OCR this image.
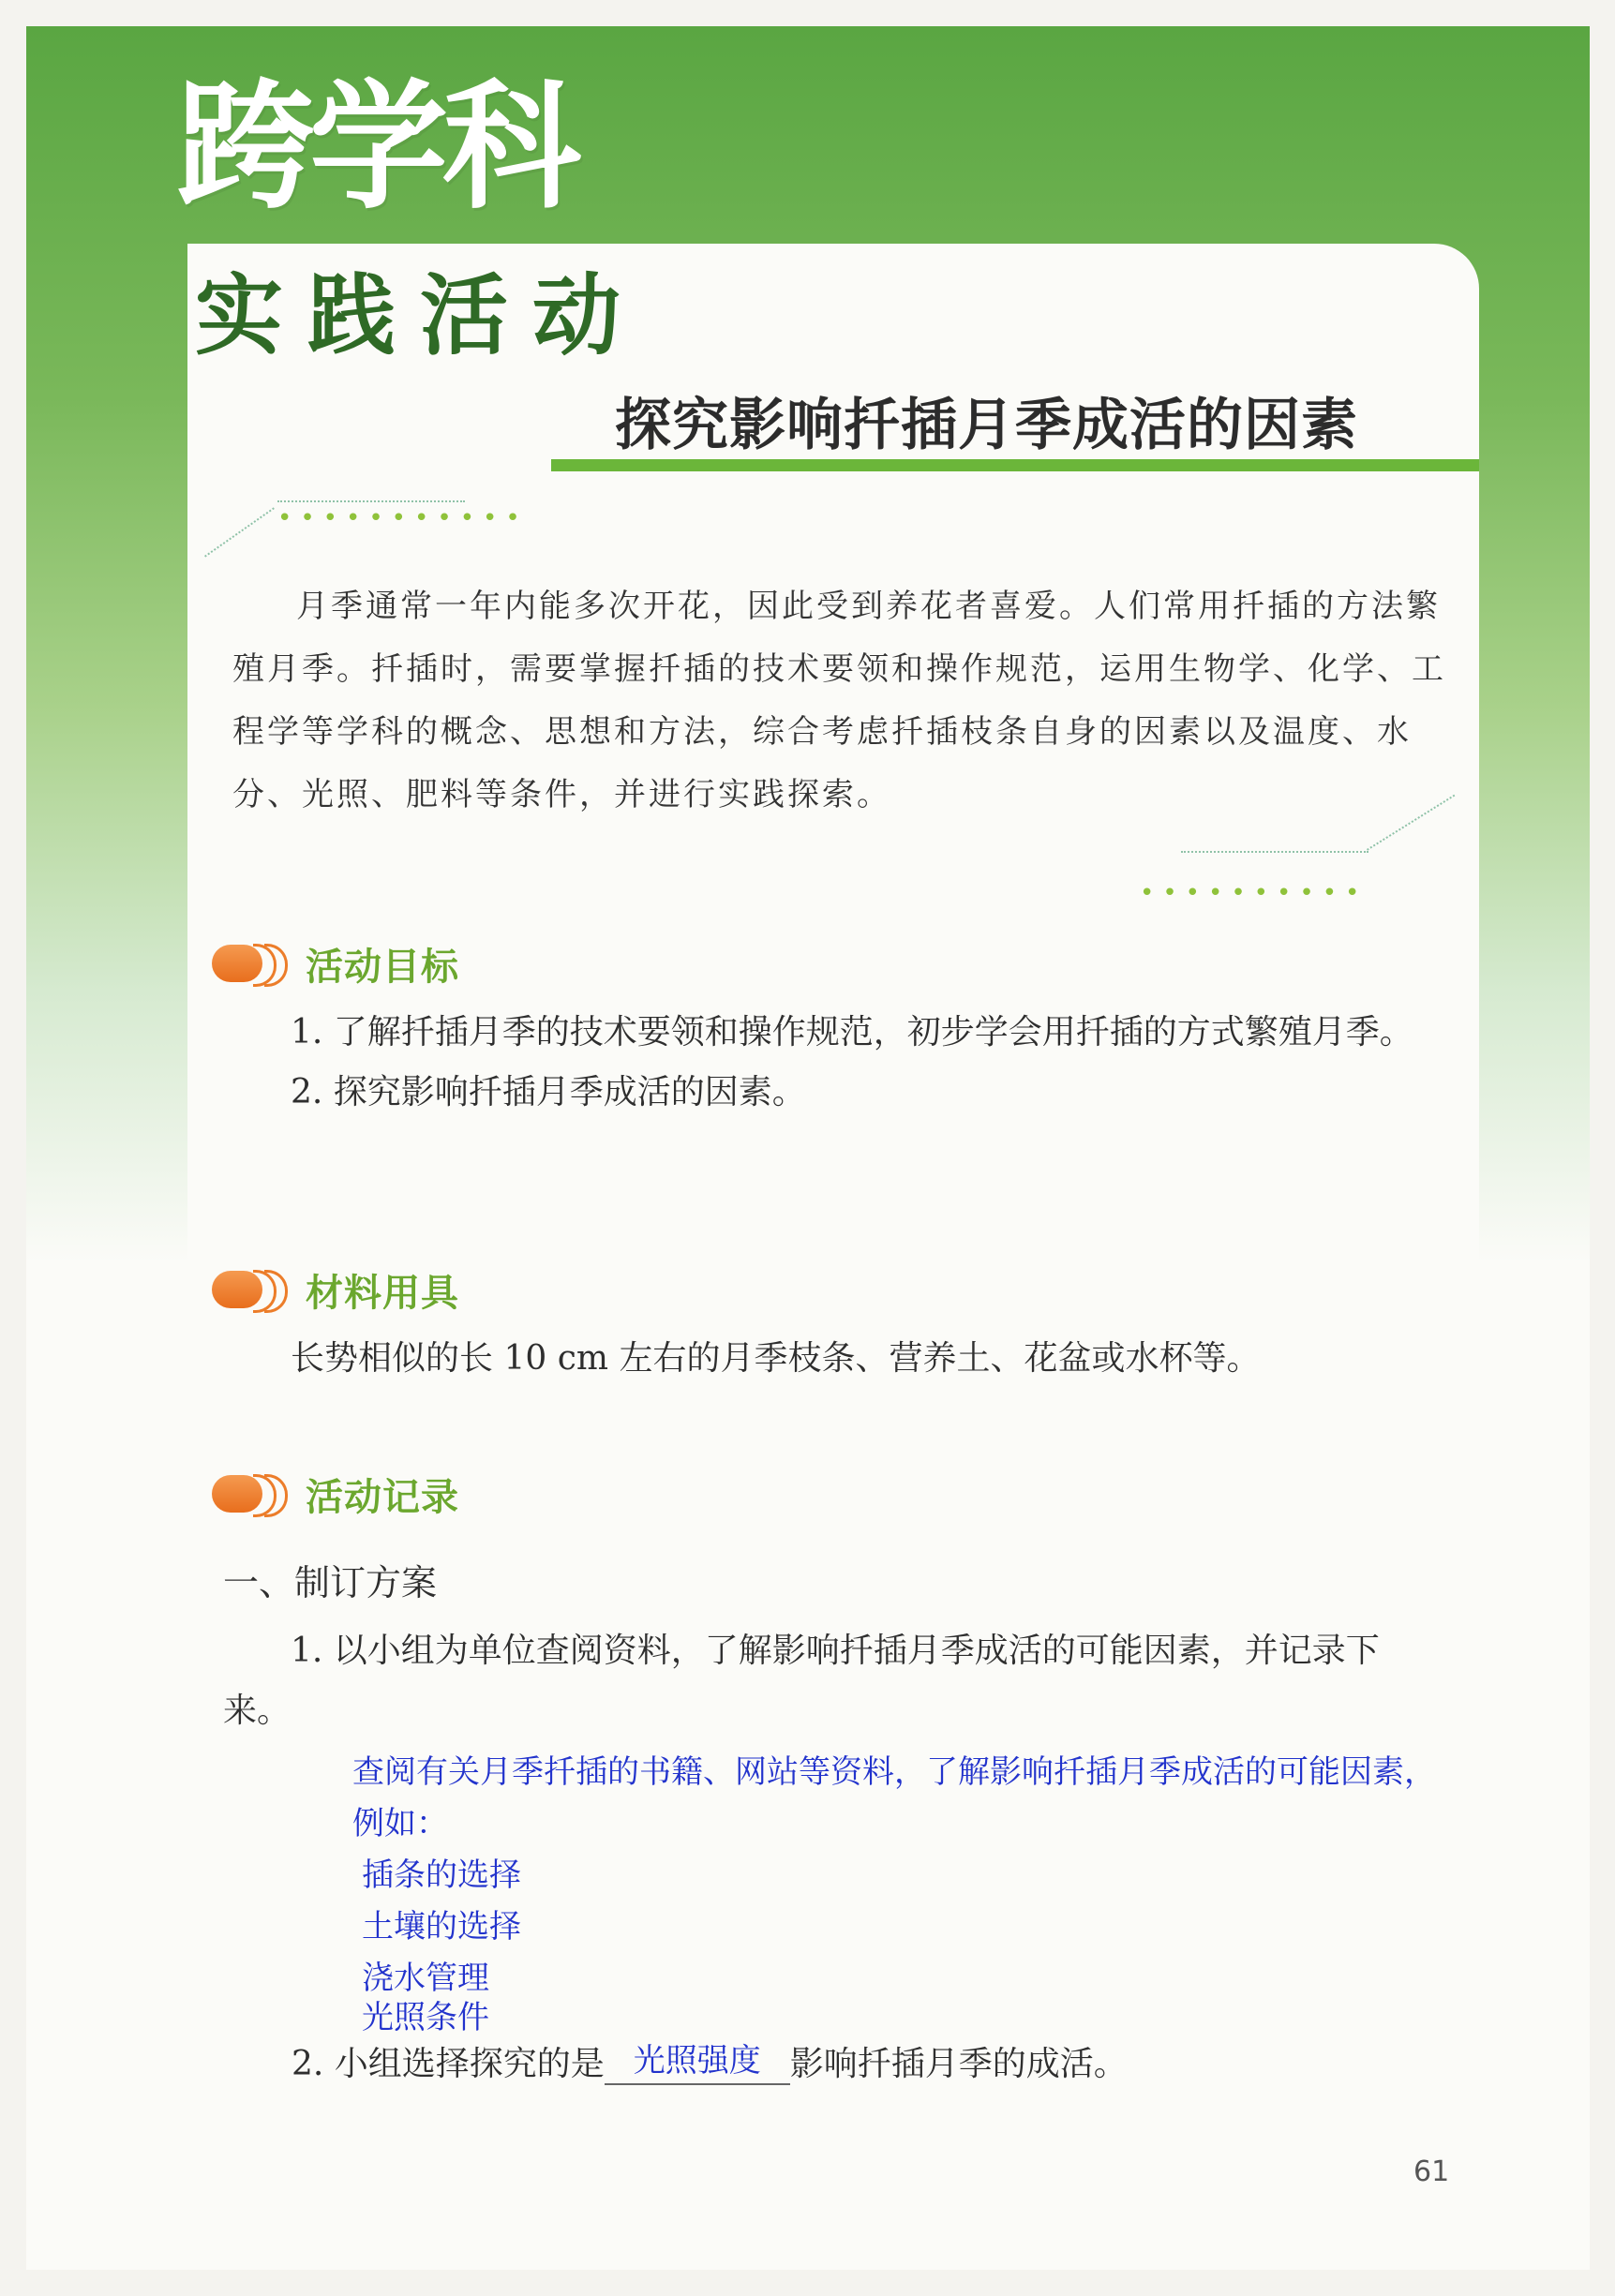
跨学科
实践活动
探究影响扦插月季成活的因素
•••••••••••

月季通常一年内能多次开花，因此受到养花者喜爱。人们常用扦插的方法繁殖月季。扦插时，需要掌握扦插的技术要领和操作规范，运用生物学、化学、工程学等学科的概念、思想和方法，综合考虑扦插枝条自身的因素以及温度、水分、光照、肥料等条件，并进行实践探索。

••••••••••
活动目标

1. 了解扦插月季的技术要领和操作规范，初步学会用扦插的方式繁殖月季。

2. 探究影响扦插月季成活的因素。

材料用具

长势相似的长 10 cm 左右的月季枝条、营养土、花盆或水杯等。

活动记录
一、制订方案

1. 以小组为单位查阅资料，了解影响扦插月季成活的可能因素，并记录下来。

查阅有关月季扦插的书籍、网站等资料，了解影响扦插月季成活的可能因素，例如：

插条的选择
土壤的选择
浇水管理
光照条件
2. 小组选择探究的是 光照强度 影响扦插月季的成活。
61
